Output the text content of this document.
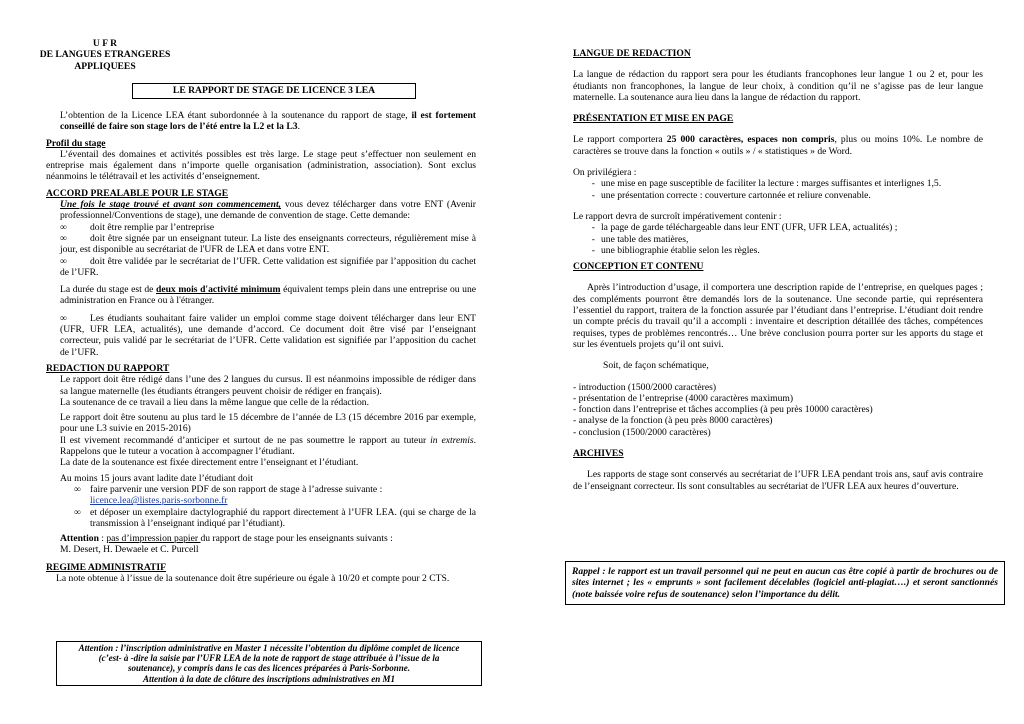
U F R
DE LANGUES ETRANGERES
APPLIQUEES
LE RAPPORT DE STAGE DE LICENCE 3 LEA

L’obtention de la Licence LEA étant subordonnée à la soutenance du rapport de stage, il est fortement conseillé de faire son stage lors de l’été entre la L2 et la L3.

Profil du stage

L’éventail des domaines et activités possibles est très large. Le stage peut s’effectuer non seulement en entreprise mais également dans n’importe quelle organisation (administration, association). Sont exclus néanmoins le télétravail et les activités d’enseignement.

ACCORD PREALABLE POUR LE STAGE

Une fois le stage trouvé et avant son commencement, vous devez télécharger dans votre ENT (Avenir professionnel/Conventions de stage), une demande de convention de stage. Cette demande:

∞	doit être remplie par l’entreprise
∞ doit être signée par un enseignant tuteur. La liste des enseignants correcteurs, régulièrement mise à jour, est disponible au secrétariat de l'UFR de LEA et dans votre ENT.
∞ doit être validée par le secrétariat de l’UFR. Cette validation est signifiée par l’apposition du cachet de l’UFR.

La durée du stage est de deux mois d'activité minimum équivalent temps plein dans une entreprise ou une administration en France ou à l'étranger.

∞ Les étudiants souhaitant faire valider un emploi comme stage doivent télécharger dans leur ENT (UFR, UFR LEA, actualités), une demande d’accord. Ce document doit être visé par l’enseignant correcteur, puis validé par le secrétariat de l’UFR. Cette validation est signifiée par l’apposition du cachet de l’UFR.

REDACTION DU RAPPORT

Le rapport doit être rédigé dans l’une des 2 langues du cursus. Il est néanmoins impossible de rédiger dans sa langue maternelle (les étudiants étrangers peuvent choisir de rédiger en français).

La soutenance de ce travail a lieu dans la même langue que celle de la rédaction.

Le rapport doit être soutenu au plus tard le 15 décembre de l’année de L3 (15 décembre 2016 par exemple, pour une L3 suivie en 2015-2016)

Il est vivement recommandé d’anticiper et surtout de ne pas soumettre le rapport au tuteur in extremis. Rappelons que le tuteur a vocation à accompagner l’étudiant.

La date de la soutenance est fixée directement entre l’enseignant et l’étudiant.

Au moins 15 jours avant ladite date l’étudiant doit

∞ faire parvenir une version PDF de son rapport de stage à l’adresse suivante :
licence.lea@listes.paris-sorbonne.fr
∞ et déposer un exemplaire dactylographié du rapport directement à l’UFR LEA. (qui se charge de la transmission à l’enseignant indiqué par l’étudiant).

Attention : pas d’impression papier du rapport de stage pour les enseignants suivants :

M. Desert, H. Dewaele et C. Purcell

REGIME ADMINISTRATIF

La note obtenue à l’issue de la soutenance doit être supérieure ou égale à 10/20 et compte pour 2 CTS.

Attention : l’inscription administrative en Master 1 nécessite l’obtention du diplôme complet de licence
(c’est- à -dire la saisie par l’UFR LEA de la note de rapport de stage attribuée à l’issue de la
soutenance), y compris dans le cas des licences préparées à Paris-Sorbonne.
Attention à la date de clôture des inscriptions administratives en M1

LANGUE DE REDACTION

La langue de rédaction du rapport sera pour les étudiants francophones leur langue 1 ou 2 et, pour les étudiants non francophones, la langue de leur choix, à condition qu’il ne s’agisse pas de leur langue maternelle. La soutenance aura lieu dans la langue de rédaction du rapport.

PRÉSENTATION ET MISE EN PAGE

Le rapport comportera 25 000 caractères, espaces non compris, plus ou moins 10%. Le nombre de caractères se trouve dans la fonction « outils » / « statistiques » de Word.

On privilégiera :

- une mise en page susceptible de faciliter la lecture : marges suffisantes et interlignes 1,5.
- une présentation correcte : couverture cartonnée et reliure convenable.

Le rapport devra de surcroît impérativement contenir :

- la page de garde téléchargeable dans leur ENT (UFR, UFR LEA, actualités) ;
- une table des matières,
- une bibliographie établie selon les règles.

CONCEPTION ET CONTENU

Après l’introduction d’usage, il comportera une description rapide de l’entreprise, en quelques pages ; des compléments pourront être demandés lors de la soutenance. Une seconde partie, qui représentera l’essentiel du rapport, traitera de la fonction assurée par l’étudiant dans l’entreprise. L’étudiant doit rendre un compte précis du travail qu’il a accompli : inventaire et description détaillée des tâches, compétences requises, types de problèmes rencontrés… Une brève conclusion pourra porter sur les apports du stage et sur les éventuels projets qu’il ont suivi.

Soit, de façon schématique,

- introduction (1500/2000 caractères)
- présentation de l’entreprise (4000 caractères maximum)
- fonction dans l’entreprise et tâches accomplies (à peu près 10000 caractères)
- analyse de la fonction (à peu près 8000 caractères)
- conclusion (1500/2000 caractères)

ARCHIVES

Les rapports de stage sont conservés au secrétariat de l’UFR LEA pendant trois ans, sauf avis contraire de l’enseignant correcteur. Ils sont consultables au secrétariat de l'UFR LEA aux heures d’ouverture.

Rappel : le rapport est un travail personnel qui ne peut en aucun cas être copié à partir de brochures ou de sites internet ; les « emprunts » sont facilement décelables (logiciel anti-plagiat….) et seront sanctionnés (note baissée voire refus de soutenance) selon l’importance du délit.
